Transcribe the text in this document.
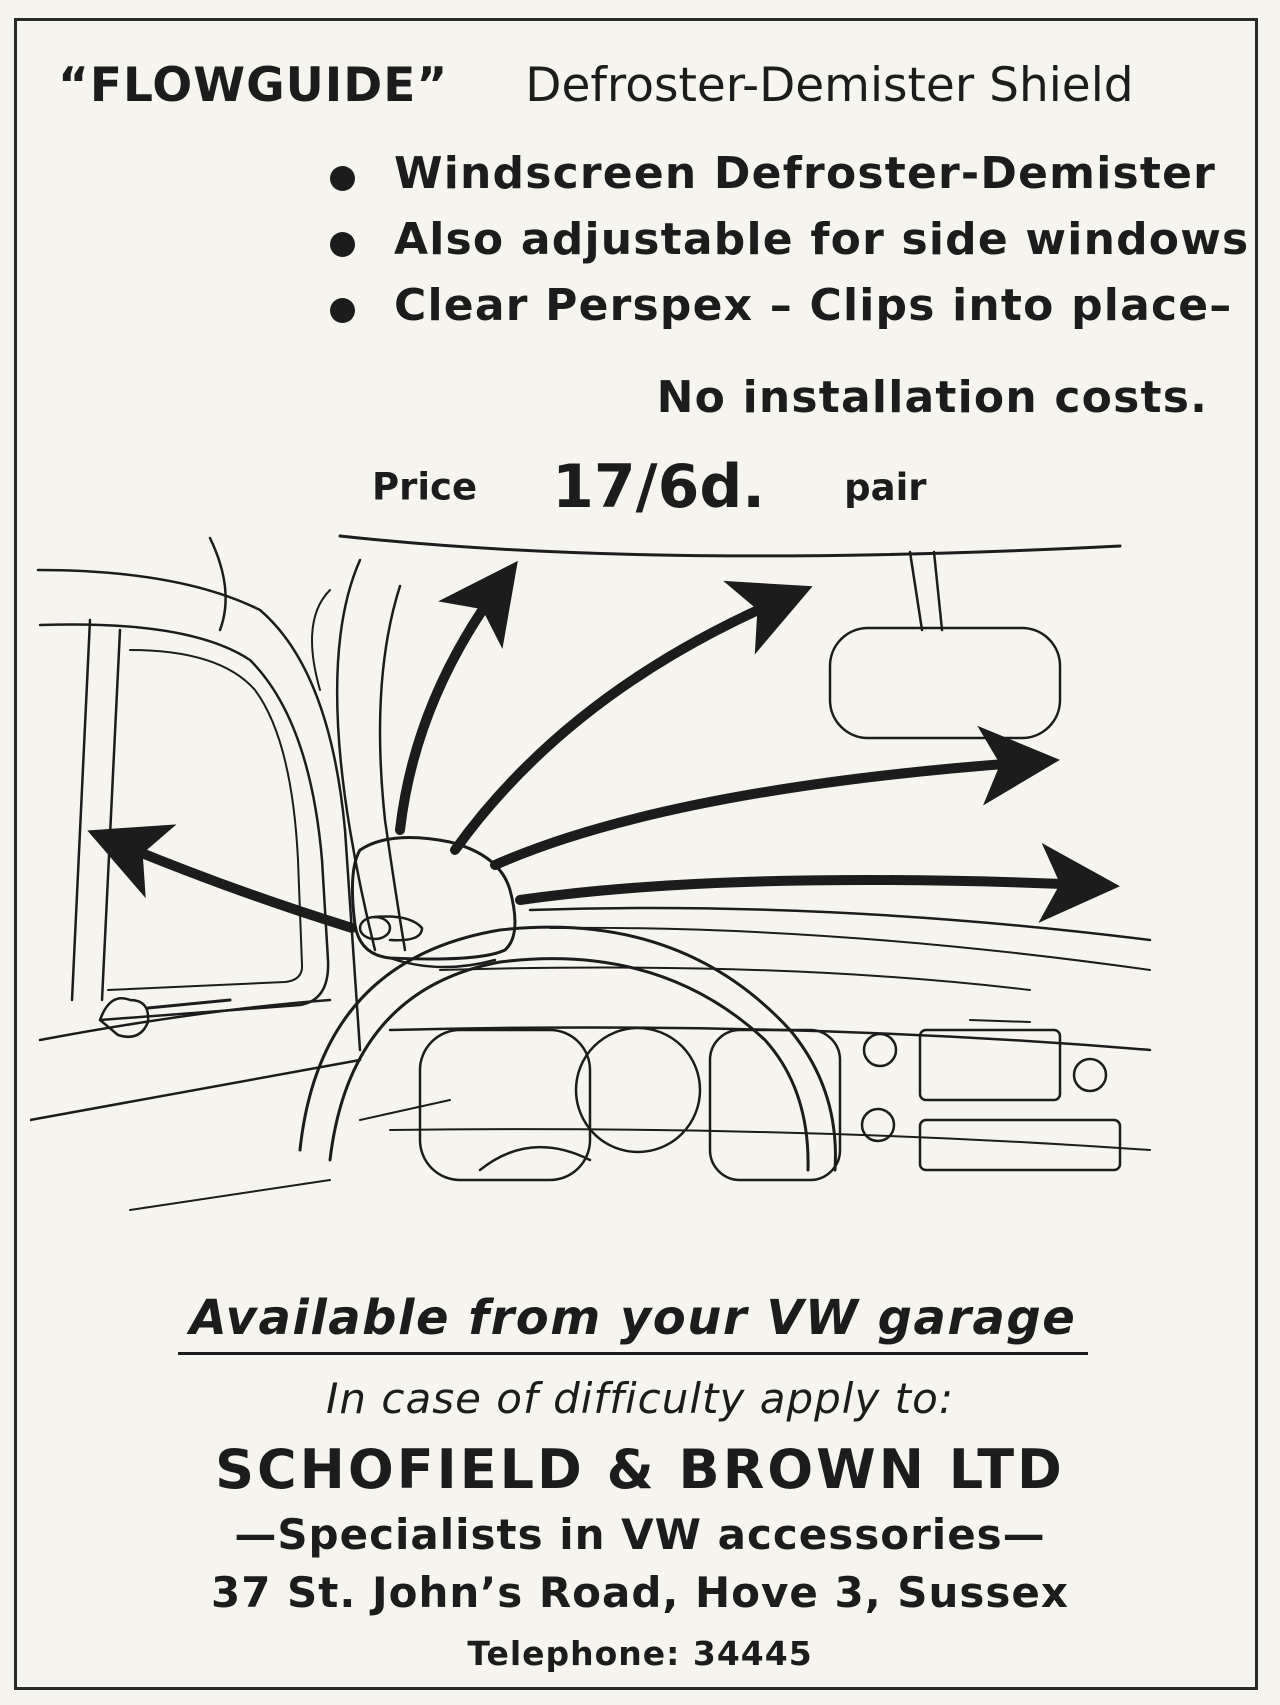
“FLOWGUIDE” Defroster-Demister Shield
Windscreen Defroster-Demister
Also adjustable for side windows
Clear Perspex – Clips into place–
No installation costs.
Price 17/6d. pair
Available from your VW garage

In case of difficulty apply to:

SCHOFIELD & BROWN LTD

—Specialists in VW accessories—

37 St. John’s Road, Hove 3, Sussex

Telephone: 34445
